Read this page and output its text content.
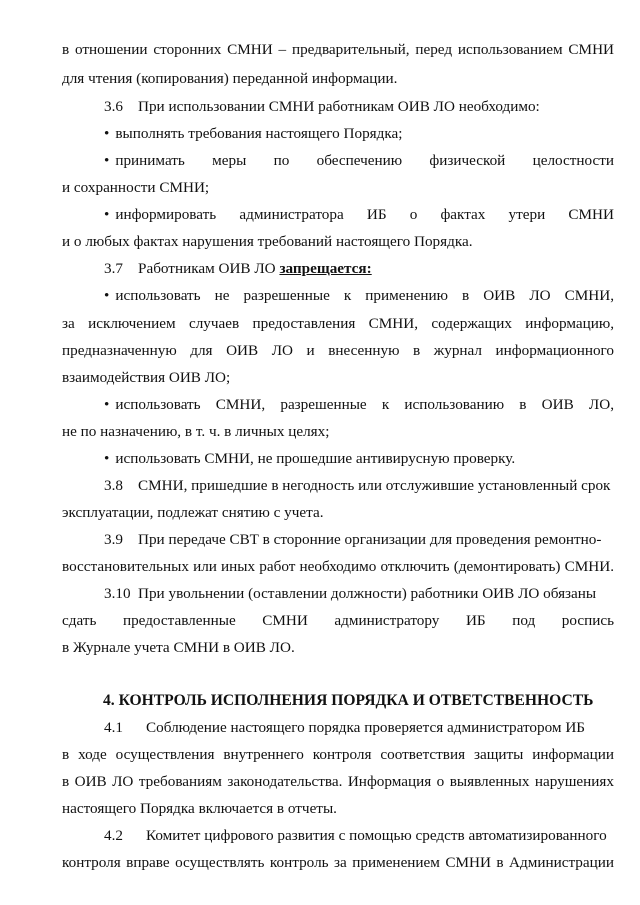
в отношении сторонних СМНИ – предварительный, перед использованием СМНИ
для чтения (копирования) переданной информации.
3.6 При использовании СМНИ работникам ОИВ ЛО необходимо:
• выполнять требования настоящего Порядка;
• принимать меры по обеспечению физической целостности
и сохранности СМНИ;
• информировать администратора ИБ о фактах утери СМНИ
и о любых фактах нарушения требований настоящего Порядка.
3.7 Работникам ОИВ ЛО запрещается:
• использовать не разрешенные к применению в ОИВ ЛО СМНИ,
за исключением случаев предоставления СМНИ, содержащих информацию,
предназначенную для ОИВ ЛО и внесенную в журнал информационного
взаимодействия ОИВ ЛО;
• использовать СМНИ, разрешенные к использованию в ОИВ ЛО,
не по назначению, в т. ч. в личных целях;
• использовать СМНИ, не прошедшие антивирусную проверку.
3.8 СМНИ, пришедшие в негодность или отслужившие установленный срок
эксплуатации, подлежат снятию с учета.
3.9 При передаче СВТ в сторонние организации для проведения ремонтно-
восстановительных или иных работ необходимо отключить (демонтировать) СМНИ.
3.10 При увольнении (оставлении должности) работники ОИВ ЛО обязаны
сдать предоставленные СМНИ администратору ИБ под роспись
в Журнале учета СМНИ в ОИВ ЛО.
4. КОНТРОЛЬ ИСПОЛНЕНИЯ ПОРЯДКА И ОТВЕТСТВЕННОСТЬ
4.1 Соблюдение настоящего порядка проверяется администратором ИБ
в ходе осуществления внутреннего контроля соответствия защиты информации
в ОИВ ЛО требованиям законодательства. Информация о выявленных нарушениях
настоящего Порядка включается в отчеты.
4.2 Комитет цифрового развития с помощью средств автоматизированного
контроля вправе осуществлять контроль за применением СМНИ в Администрации
